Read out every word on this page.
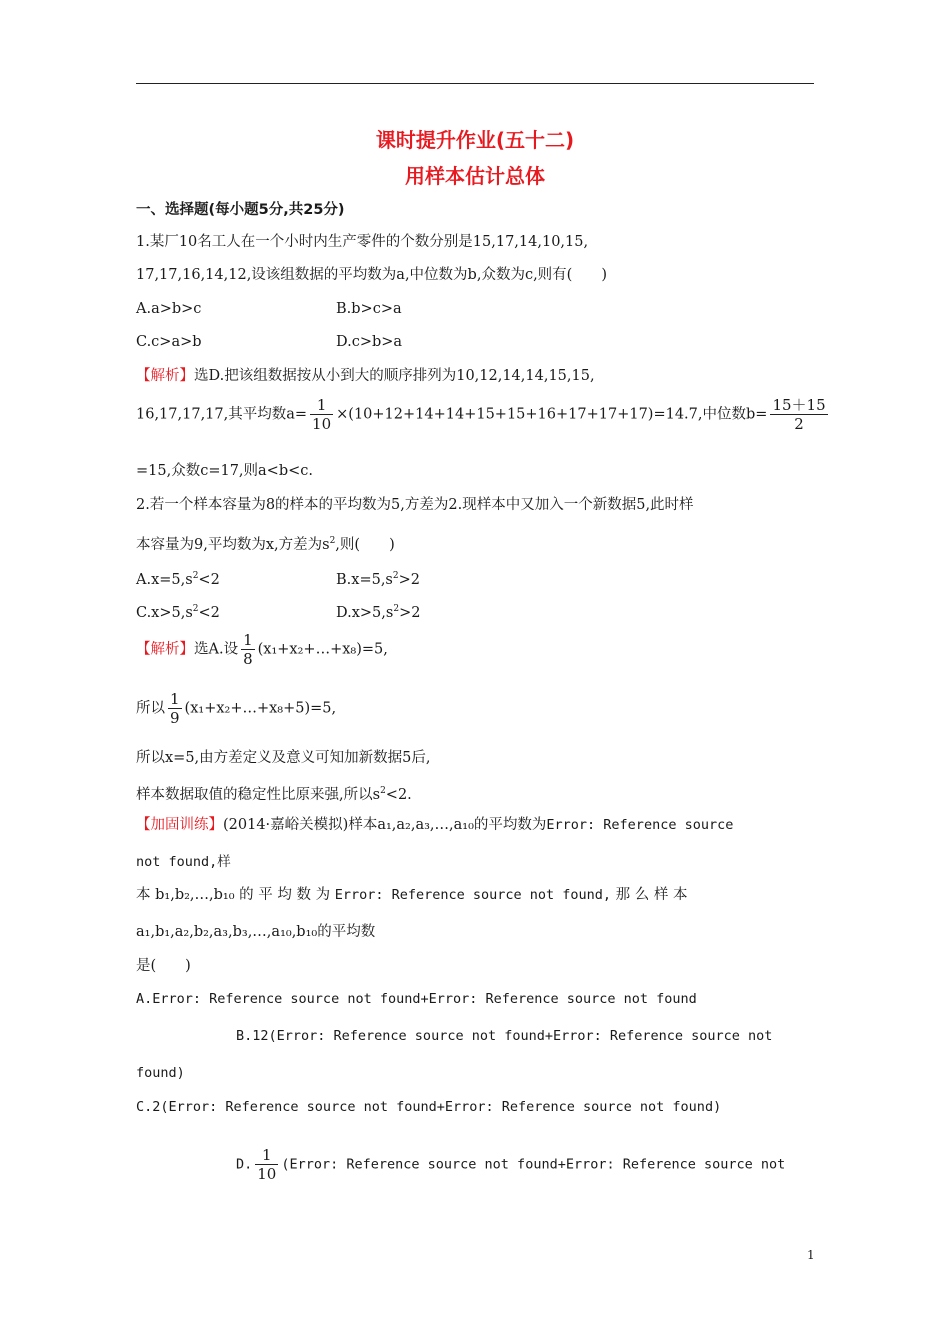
课时提升作业(五十二)
用样本估计总体
一、选择题(每小题5分,共25分)
1.某厂10名工人在一个小时内生产零件的个数分别是15,17,14,10,15,
17,17,16,14,12,设该组数据的平均数为a,中位数为b,众数为c,则有(　　)
A.a>b>c	B.b>c>a
C.c>a>b	D.c>b>a
【解析】选D.把该组数据按从小到大的顺序排列为10,12,14,14,15,15,
16,17,17,17,其平均数$a= \frac{1}{10} \times(10+12+14+14+15+15+16+17+17+17)=14.7$,中位数$b= \frac{15+15}{2}$
=15,众数c=17,则a<b<c.
2.若一个样本容量为8的样本的平均数为5,方差为2.现样本中又加入一个新数据5,此时样
本容量为9,平均数为x,方差为$s^2$,则(　　)
$A.x=5,s^2<2$	$B.x=5,s^2>2$
$C.x>5,s^2<2$	$D.x>5,s^2>2$
【解析】选A.设 $\frac{1}{8}$ (x₁+x₂+…+x₈)=5,
所以 $\frac{1}{9}$ (x₁+x₂+…+x₈+5)=5,
所以x=5,由方差定义及意义可知加新数据5后,
样本数据取值的稳定性比原来强,所以$s^2<2$.
【加固训练】(2014·嘉峪关模拟)样本a₁,a₂,a₃,…,a₁₀的平均数为Error: Reference source
not found,样
本 b₁,b₂,…,b₁₀ 的 平 均 数 为 Error: Reference source not found, 那 么 样 本
a₁,b₁,a₂,b₂,a₃,b₃,…,a₁₀,b₁₀的平均数
是(　　)
A.Error: Reference source not found+Error: Reference source not found
B.12(Error: Reference source not found+Error: Reference source not
found)
C.2(Error: Reference source not found+Error: Reference source not found)
D. $\frac{1}{10}$ (Error: Reference source not found+Error: Reference source not
1
